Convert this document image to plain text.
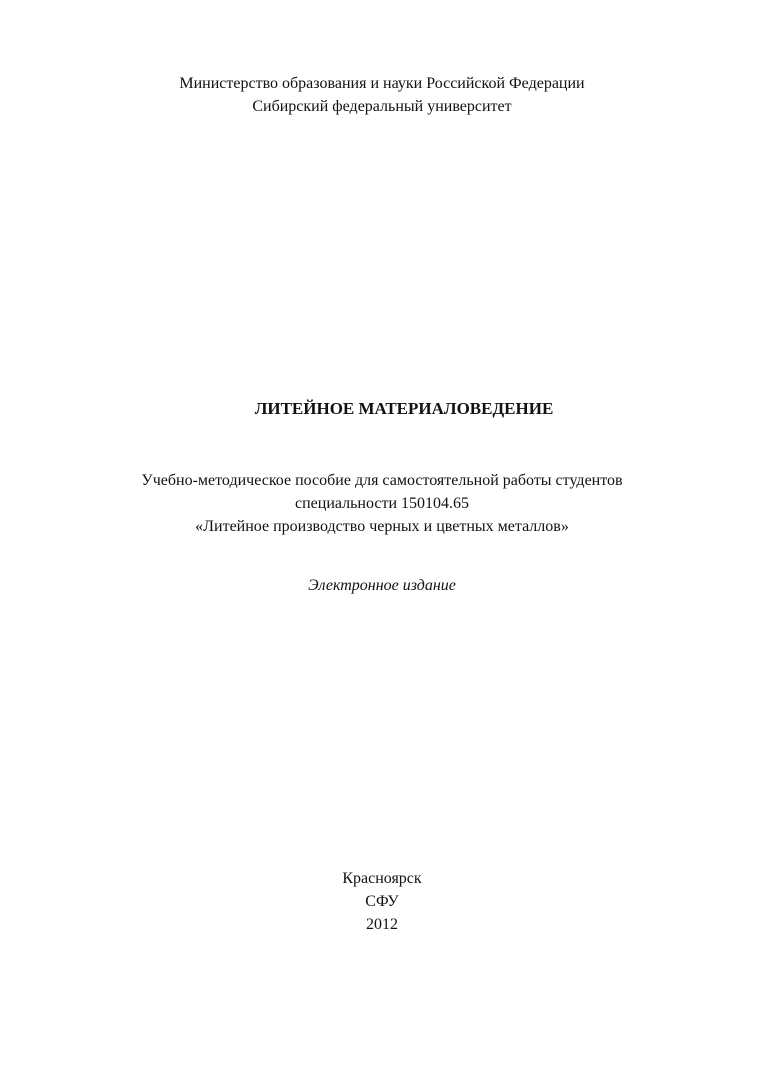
Министерство образования и науки Российской Федерации
Сибирский федеральный университет
ЛИТЕЙНОЕ МАТЕРИАЛОВЕДЕНИЕ
Учебно-методическое пособие для самостоятельной работы студентов
специальности 150104.65
«Литейное производство черных и цветных металлов»
Электронное издание
Красноярск
СФУ
2012
